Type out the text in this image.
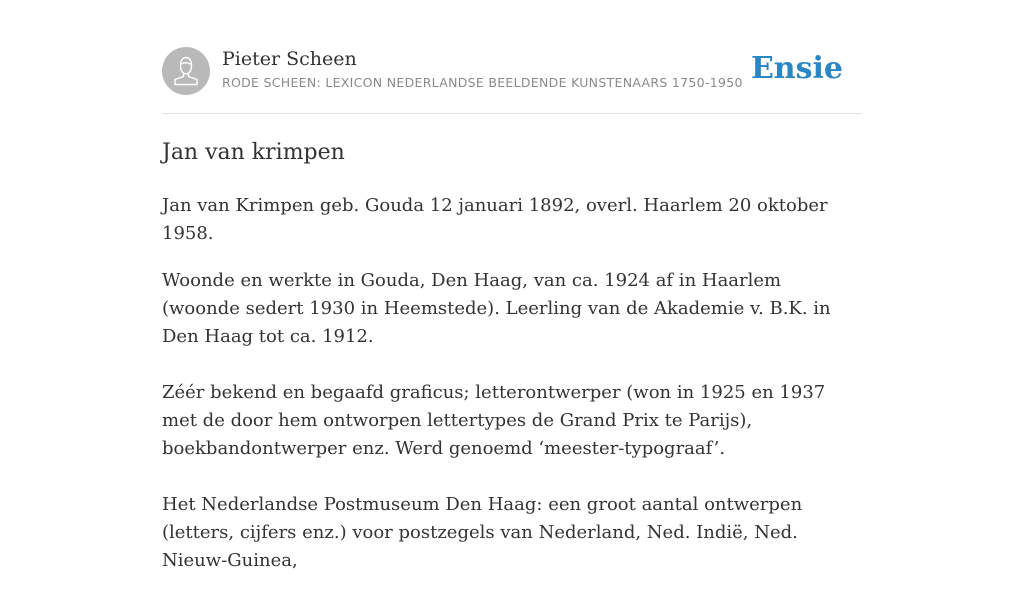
Pieter Scheen
RODE SCHEEN: LEXICON NEDERLANDSE BEELDENDE KUNSTENAARS 1750-1950 Ensie
Jan van krimpen

Jan van Krimpen geb. Gouda 12 januari 1892, overl. Haarlem 20 oktober 1958.

Woonde en werkte in Gouda, Den Haag, van ca. 1924 af in Haarlem (woonde sedert 1930 in Heemstede). Leerling van de Akademie v. B.K. in Den Haag tot ca. 1912.

Zéér bekend en begaafd graficus; letterontwerper (won in 1925 en 1937 met de door hem ontworpen lettertypes de Grand Prix te Parijs), boekbandontwerper enz. Werd genoemd ‘meester-typograaf’.

Het Nederlandse Postmuseum Den Haag: een groot aantal ontwerpen (letters, cijfers enz.) voor postzegels van Nederland, Ned. Indië, Ned. Nieuw-Guinea,
